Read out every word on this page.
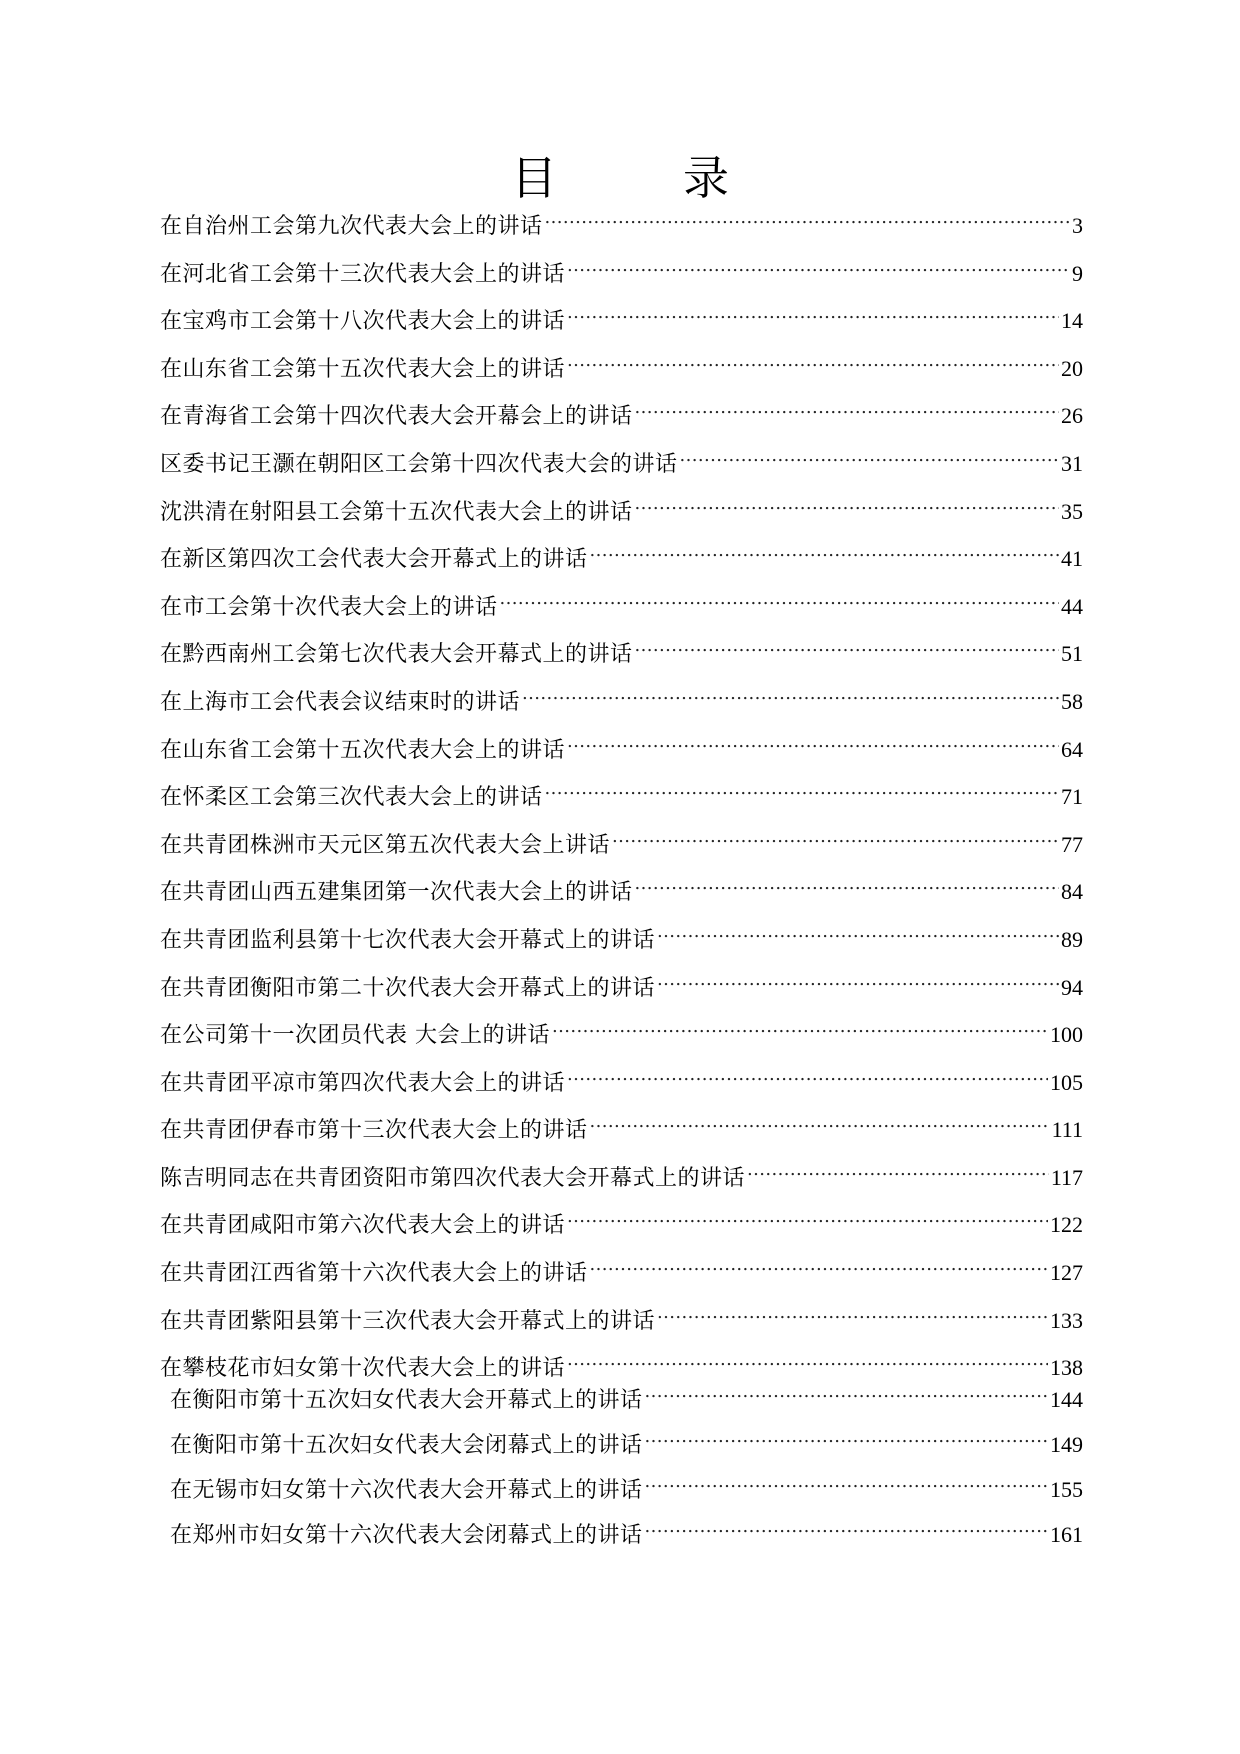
目　录
在自治州工会第九次代表大会上的讲话 .....	3
在河北省工会第十三次代表大会上的讲话 .....	9
在宝鸡市工会第十八次代表大会上的讲话 .....	14
在山东省工会第十五次代表大会上的讲话 .....	20
在青海省工会第十四次代表大会开幕会上的讲话 .....	26
区委书记王灏在朝阳区工会第十四次代表大会的讲话 .....	31
沈洪清在射阳县工会第十五次代表大会上的讲话 .....	35
在新区第四次工会代表大会开幕式上的讲话 .....	41
在市工会第十次代表大会上的讲话 .....	44
在黔西南州工会第七次代表大会开幕式上的讲话 .....	51
在上海市工会代表会议结束时的讲话 .....	58
在山东省工会第十五次代表大会上的讲话 .....	64
在怀柔区工会第三次代表大会上的讲话 .....	71
在共青团株洲市天元区第五次代表大会上讲话 .....	77
在共青团山西五建集团第一次代表大会上的讲话 .....	84
在共青团监利县第十七次代表大会开幕式上的讲话 .....	89
在共青团衡阳市第二十次代表大会开幕式上的讲话 .....	94
在公司第十一次团员代表 大会上的讲话 .....	100
在共青团平凉市第四次代表大会上的讲话 .....	105
在共青团伊春市第十三次代表大会上的讲话 .....	111
陈吉明同志在共青团资阳市第四次代表大会开幕式上的讲话 .....	117
在共青团咸阳市第六次代表大会上的讲话 .....	122
在共青团江西省第十六次代表大会上的讲话 .....	127
在共青团紫阳县第十三次代表大会开幕式上的讲话 .....	133
在攀枝花市妇女第十次代表大会上的讲话 .....	138
在衡阳市第十五次妇女代表大会开幕式上的讲话 .....	144
在衡阳市第十五次妇女代表大会闭幕式上的讲话 .....	149
在无锡市妇女第十六次代表大会开幕式上的讲话 .....	155
在郑州市妇女第十六次代表大会闭幕式上的讲话 .....	161
